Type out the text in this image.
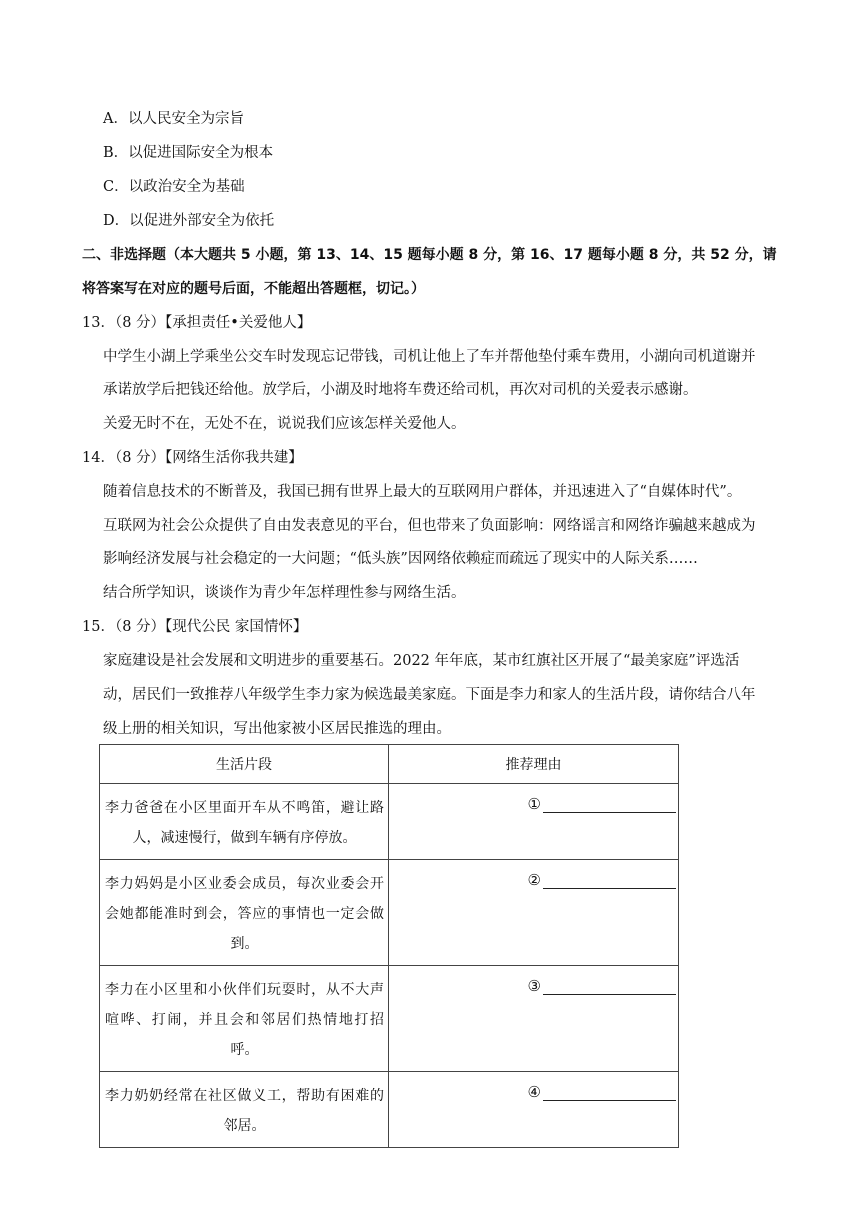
A．以人民安全为宗旨
B．以促进国际安全为根本
C．以政治安全为基础
D．以促进外部安全为依托
二、非选择题（本大题共 5 小题，第 13、14、15 题每小题 8 分，第 16、17 题每小题 8 分，共 52 分，请
将答案写在对应的题号后面，不能超出答题框，切记。）
13．（8 分）【承担责任•关爱他人】
中学生小湖上学乘坐公交车时发现忘记带钱，司机让他上了车并帮他垫付乘车费用，小湖向司机道谢并
承诺放学后把钱还给他。放学后，小湖及时地将车费还给司机，再次对司机的关爱表示感谢。
关爱无时不在，无处不在，说说我们应该怎样关爱他人。
14．（8 分）【网络生活你我共建】
随着信息技术的不断普及，我国已拥有世界上最大的互联网用户群体，并迅速进入了“自媒体时代”。
互联网为社会公众提供了自由发表意见的平台，但也带来了负面影响：网络谣言和网络诈骗越来越成为
影响经济发展与社会稳定的一大问题；“低头族”因网络依赖症而疏远了现实中的人际关系……
结合所学知识，谈谈作为青少年怎样理性参与网络生活。
15．（8 分）【现代公民 家国情怀】
家庭建设是社会发展和文明进步的重要基石。2022 年年底，某市红旗社区开展了“最美家庭”评选活
动，居民们一致推荐八年级学生李力家为候选最美家庭。下面是李力和家人的生活片段，请你结合八年
级上册的相关知识，写出他家被小区居民推选的理由。
生活片段	推荐理由

李力爸爸在小区里面开车从不鸣笛，避让路人，减速慢行，做到车辆有序停放。	①

李力妈妈是小区业委会成员，每次业委会开会她都能准时到会，答应的事情也一定会做到。	②

李力在小区里和小伙伴们玩耍时，从不大声喧哗、打闹，并且会和邻居们热情地打招呼。	③

李力奶奶经常在社区做义工，帮助有困难的邻居。	④
